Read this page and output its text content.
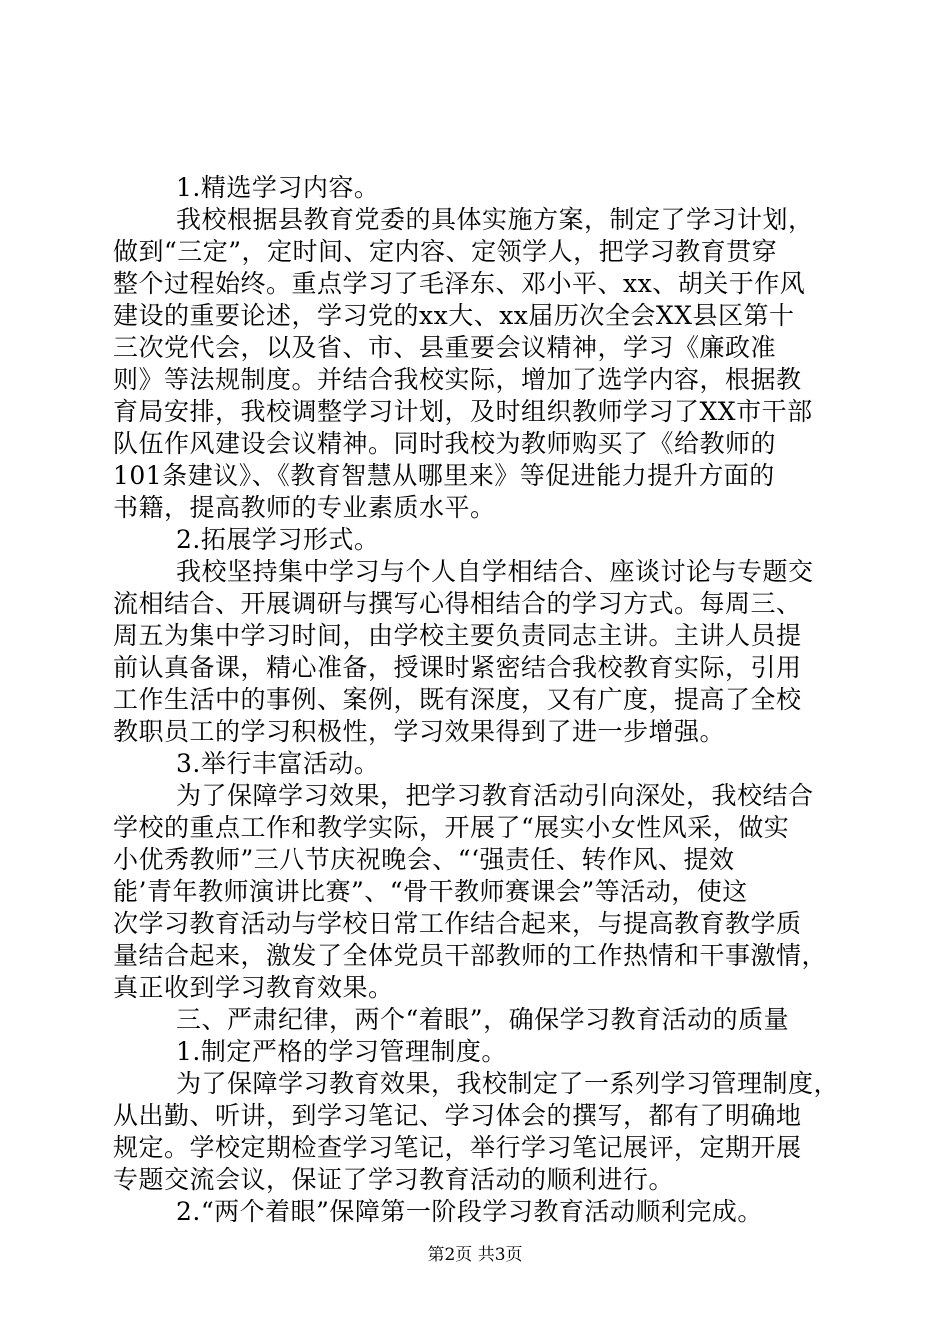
1.精选学习内容。
我校根据县教育党委的具体实施方案，制定了学习计划，
做到“三定”，定时间、定内容、定领学人，把学习教育贯穿
整个过程始终。重点学习了毛泽东、邓小平、xx、胡关于作风
建设的重要论述，学习党的xx大、xx届历次全会XX县区第十
三次党代会，以及省、市、县重要会议精神，学习《廉政准
则》等法规制度。并结合我校实际，增加了选学内容，根据教
育局安排，我校调整学习计划，及时组织教师学习了XX市干部
队伍作风建设会议精神。同时我校为教师购买了《给教师的
101条建议》、《教育智慧从哪里来》等促进能力提升方面的
书籍，提高教师的专业素质水平。
2.拓展学习形式。
我校坚持集中学习与个人自学相结合、座谈讨论与专题交
流相结合、开展调研与撰写心得相结合的学习方式。每周三、
周五为集中学习时间，由学校主要负责同志主讲。主讲人员提
前认真备课，精心准备，授课时紧密结合我校教育实际，引用
工作生活中的事例、案例，既有深度，又有广度，提高了全校
教职员工的学习积极性，学习效果得到了进一步增强。
3.举行丰富活动。
为了保障学习效果，把学习教育活动引向深处，我校结合
学校的重点工作和教学实际，开展了“展实小女性风采，做实
小优秀教师”三八节庆祝晚会、“‘强责任、转作风、提效
能’青年教师演讲比赛”、“骨干教师赛课会”等活动，使这
次学习教育活动与学校日常工作结合起来，与提高教育教学质
量结合起来，激发了全体党员干部教师的工作热情和干事激情，
真正收到学习教育效果。
三、严肃纪律，两个“着眼”，确保学习教育活动的质量
1.制定严格的学习管理制度。
为了保障学习教育效果，我校制定了一系列学习管理制度，
从出勤、听讲，到学习笔记、学习体会的撰写，都有了明确地
规定。学校定期检查学习笔记，举行学习笔记展评，定期开展
专题交流会议，保证了学习教育活动的顺利进行。
2.“两个着眼”保障第一阶段学习教育活动顺利完成。
第2页 共3页
